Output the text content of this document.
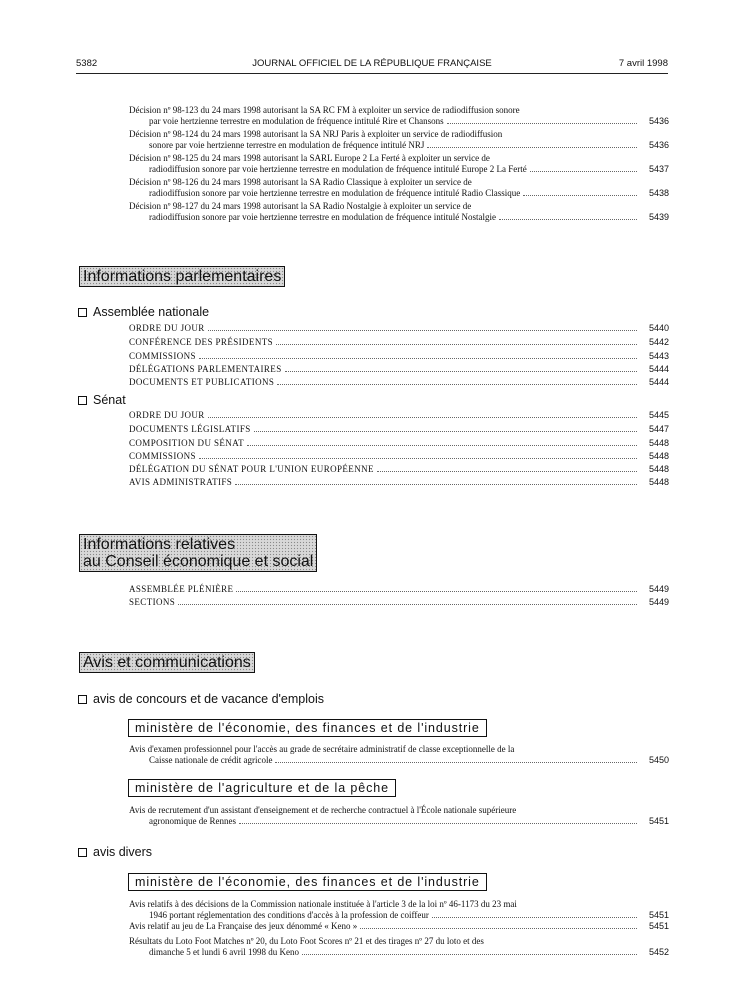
5382	JOURNAL OFFICIEL DE LA RÉPUBLIQUE FRANÇAISE	7 avril 1998
Décision nº 98-123 du 24 mars 1998 autorisant la SA RC FM à exploiter un service de radiodiffusion sonore
par voie hertzienne terrestre en modulation de fréquence intitulé Rire et Chansons	5436
Décision nº 98-124 du 24 mars 1998 autorisant la SA NRJ Paris à exploiter un service de radiodiffusion
sonore par voie hertzienne terrestre en modulation de fréquence intitulé NRJ	5436
Décision nº 98-125 du 24 mars 1998 autorisant la SARL Europe 2 La Ferté à exploiter un service de
radiodiffusion sonore par voie hertzienne terrestre en modulation de fréquence intitulé Europe 2 La Ferté	5437
Décision nº 98-126 du 24 mars 1998 autorisant la SA Radio Classique à exploiter un service de
radiodiffusion sonore par voie hertzienne terrestre en modulation de fréquence intitulé Radio Classique	5438
Décision nº 98-127 du 24 mars 1998 autorisant la SA Radio Nostalgie à exploiter un service de
radiodiffusion sonore par voie hertzienne terrestre en modulation de fréquence intitulé Nostalgie	5439
Informations parlementaires
Assemblée nationale
ORDRE DU JOUR	5440
CONFÉRENCE DES PRÉSIDENTS	5442
COMMISSIONS	5443
DÉLÉGATIONS PARLEMENTAIRES	5444
DOCUMENTS ET PUBLICATIONS	5444
Sénat
ORDRE DU JOUR	5445
DOCUMENTS LÉGISLATIFS	5447
COMPOSITION DU SÉNAT	5448
COMMISSIONS	5448
DÉLÉGATION DU SÉNAT POUR L'UNION EUROPÉENNE	5448
AVIS ADMINISTRATIFS	5448
Informations relatives
au Conseil économique et social
ASSEMBLÉE PLÉNIÈRE	5449
SECTIONS	5449
Avis et communications
avis de concours et de vacance d'emplois
ministère de l'économie, des finances et de l'industrie
Avis d'examen professionnel pour l'accès au grade de secrétaire administratif de classe exceptionnelle de la
Caisse nationale de crédit agricole	5450
ministère de l'agriculture et de la pêche
Avis de recrutement d'un assistant d'enseignement et de recherche contractuel à l'École nationale supérieure
agronomique de Rennes	5451
avis divers
ministère de l'économie, des finances et de l'industrie
Avis relatifs à des décisions de la Commission nationale instituée à l'article 3 de la loi nº 46-1173 du 23 mai
1946 portant réglementation des conditions d'accès à la profession de coiffeur	5451
Avis relatif au jeu de La Française des jeux dénommé « Keno »	5451
Résultats du Loto Foot Matches nº 20, du Loto Foot Scores nº 21 et des tirages nº 27 du loto et des
dimanche 5 et lundi 6 avril 1998 du Keno	5452
